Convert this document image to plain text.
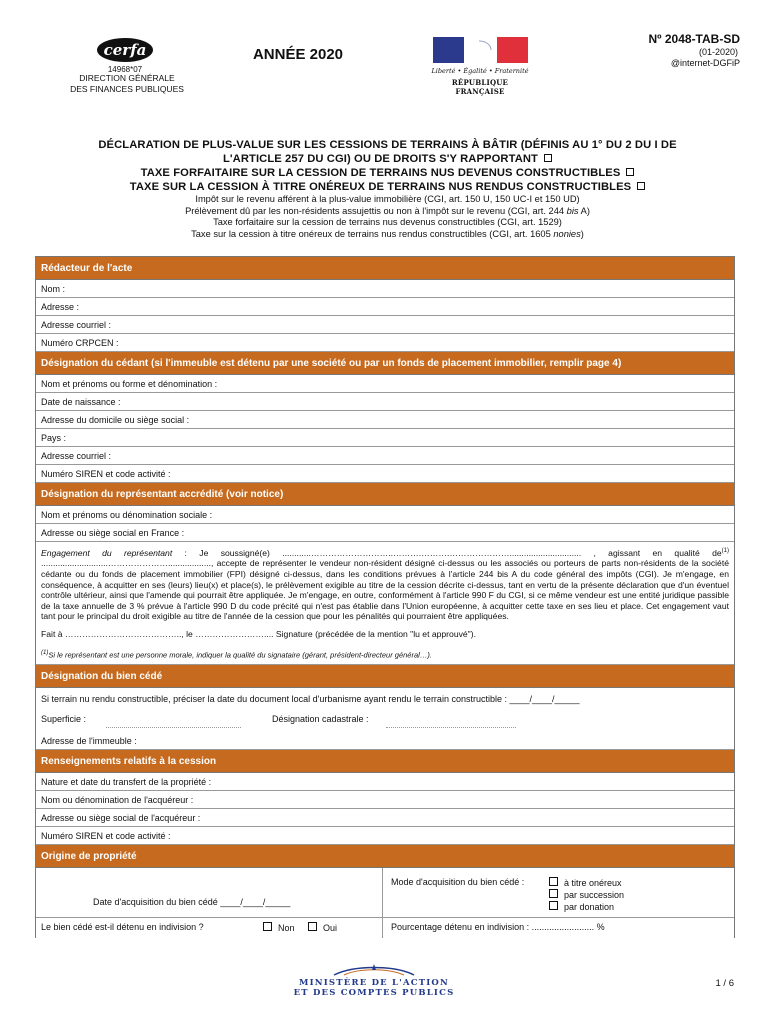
cerfa
14968*07
DIRECTION GÉNÉRALE
DES FINANCES PUBLIQUES
ANNÉE 2020
Liberté • Égalité • Fraternité
RÉPUBLIQUE FRANÇAISE
Nº 2048-TAB-SD
(01-2020)
@internet-DGFiP
DÉCLARATION DE PLUS-VALUE SUR LES CESSIONS DE TERRAINS À BÂTIR (DÉFINIS AU 1° DU 2 DU I DE
L'ARTICLE 257 DU CGI) OU DE DROITS S'Y RAPPORTANT
TAXE FORFAITAIRE SUR LA CESSION DE TERRAINS NUS DEVENUS CONSTRUCTIBLES
TAXE SUR LA CESSION À TITRE ONÉREUX DE TERRAINS NUS RENDUS CONSTRUCTIBLES
Impôt sur le revenu afférent à la plus-value immobilière (CGI, art. 150 U, 150 UC-I et 150 UD)
Prélèvement dû par les non-résidents assujettis ou non à l'impôt sur le revenu (CGI, art. 244 bis A)
Taxe forfaitaire sur la cession de terrains nus devenus constructibles (CGI, art. 1529)
Taxe sur la cession à titre onéreux de terrains nus rendus constructibles (CGI, art. 1605 nonies)
Rédacteur de l'acte
Nom :
Adresse :
Adresse courriel :
Numéro CRPCEN :
Désignation du cédant (si l'immeuble est détenu par une société ou par un fonds de placement immobilier, remplir page 4)
Nom et prénoms ou forme et dénomination :
Date de naissance :
Adresse du domicile ou siège social :
Pays :
Adresse courriel :
Numéro SIREN et code activité :
Désignation du représentant accrédité (voir notice)
Nom et prénoms ou dénomination sociale :
Adresse ou siège social en France :
Engagement du représentant : Je soussigné(e) ............………………………..……….……….………………….............................. , agissant en qualité $de^{(1)}$ ............................………………….................., accepte de représenter le vendeur non-résident désigné ci-dessus ou les associés ou porteurs de parts non-résidents de la société cédante ou du fonds de placement immobilier (FPI) désigné ci-dessus, dans les conditions prévues à l'article 244 bis A du code général des impôts (CGI). Je m'engage, en conséquence, à acquitter en ses (leurs) lieu(x) et place(s), le prélèvement exigible au titre de la cession décrite ci-dessus, tant en vertu de la présente déclaration que d'un éventuel contrôle ultérieur, ainsi que l'amende qui pourrait être appliquée. Je m'engage, en outre, conformément à l'article 990 F du CGI, si ce même vendeur est une entité juridique passible de la taxe annuelle de 3 % prévue à l'article 990 D du code précité qui n'est pas établie dans l'Union européenne, à acquitter cette taxe en ses lieu et place. Cet engagement vaut tant pour le principal du droit exigible au titre de l'année de la cession que pour les pénalités qui pourraient être appliquées.
Fait à ………………………………….., le …………………….... Signature (précédée de la mention "lu et approuvé").
$^{(1)}$Si le représentant est une personne morale, indiquer la qualité du signataire (gérant, président-directeur général…).
Désignation du bien cédé
Si terrain nu rendu constructible, préciser la date du document local d'urbanisme ayant rendu le terrain constructible : ____/____/_____
Superficie :	Désignation cadastrale :
Adresse de l'immeuble :
Renseignements relatifs à la cession
Nature et date du transfert de la propriété :
Nom ou dénomination de l'acquéreur :
Adresse ou siège social de l'acquéreur :
Numéro SIREN et code activité :
Origine de propriété
Date d'acquisition du bien cédé ____/____/_____
Mode d'acquisition du bien cédé :	à titre onéreux
par succession
par donation
Le bien cédé est-il détenu en indivision ?	Non	Oui	Pourcentage détenu en indivision : ......................... %
MINISTÈRE DE L'ACTION
ET DES COMPTES PUBLICS
1 / 6
